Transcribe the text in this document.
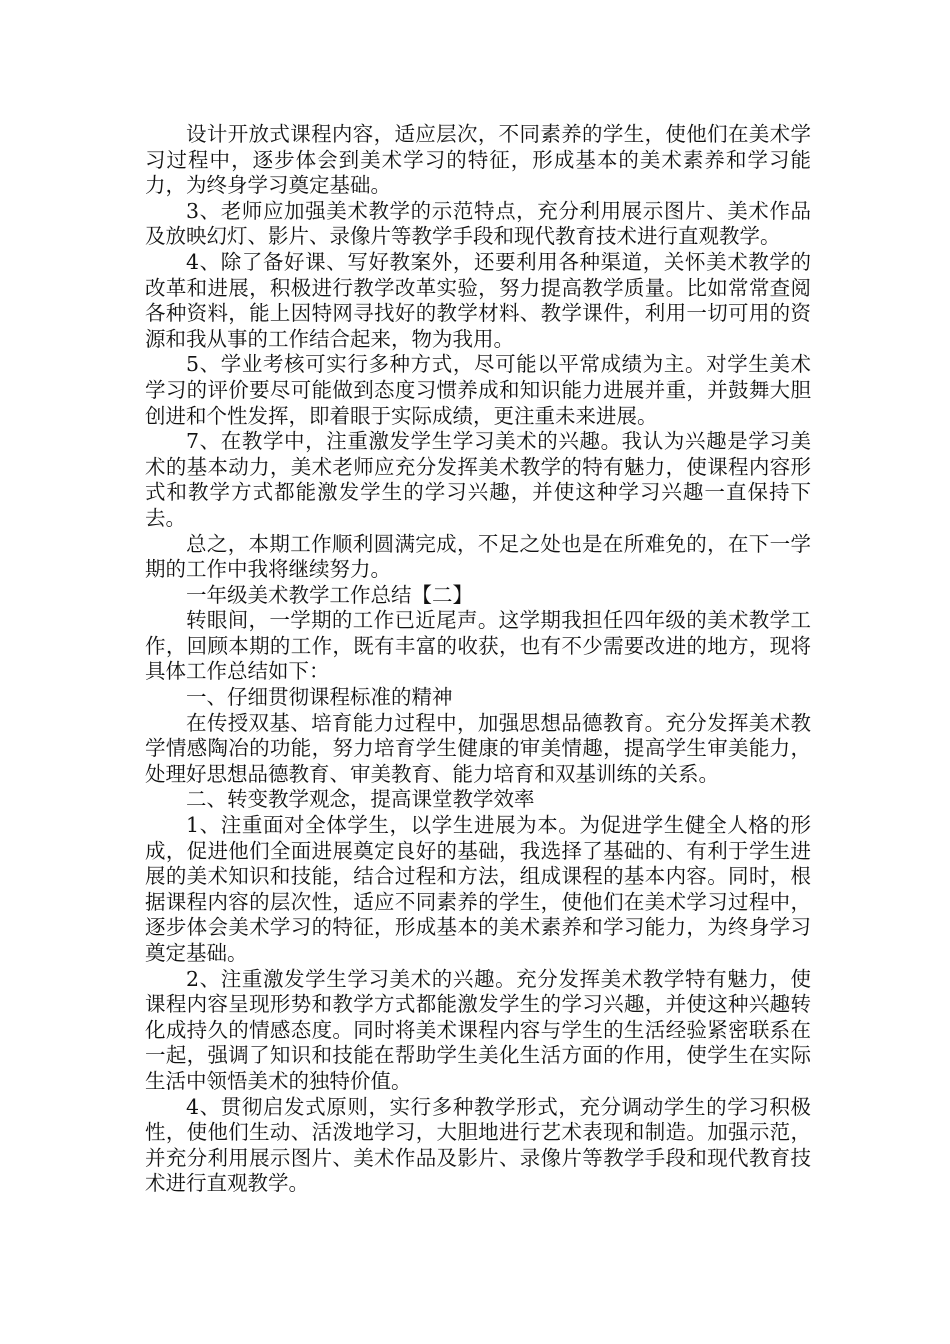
设计开放式课程内容，适应层次，不同素养的学生，使他们在美术学习过程中，逐步体会到美术学习的特征，形成基本的美术素养和学习能力，为终身学习奠定基础。

3、老师应加强美术教学的示范特点，充分利用展示图片、美术作品及放映幻灯、影片、录像片等教学手段和现代教育技术进行直观教学。

4、除了备好课、写好教案外，还要利用各种渠道，关怀美术教学的改革和进展，积极进行教学改革实验，努力提高教学质量。比如常常查阅各种资料，能上因特网寻找好的教学材料、教学课件，利用一切可用的资源和我从事的工作结合起来，物为我用。

5、学业考核可实行多种方式，尽可能以平常成绩为主。对学生美术学习的评价要尽可能做到态度习惯养成和知识能力进展并重，并鼓舞大胆创进和个性发挥，即着眼于实际成绩，更注重未来进展。

7、在教学中，注重激发学生学习美术的兴趣。我认为兴趣是学习美术的基本动力，美术老师应充分发挥美术教学的特有魅力，使课程内容形式和教学方式都能激发学生的学习兴趣，并使这种学习兴趣一直保持下去。

总之，本期工作顺利圆满完成，不足之处也是在所难免的，在下一学期的工作中我将继续努力。

一年级美术教学工作总结【二】

转眼间，一学期的工作已近尾声。这学期我担任四年级的美术教学工作，回顾本期的工作，既有丰富的收获，也有不少需要改进的地方，现将具体工作总结如下：

一、仔细贯彻课程标准的精神

在传授双基、培育能力过程中，加强思想品德教育。充分发挥美术教学情感陶冶的功能，努力培育学生健康的审美情趣，提高学生审美能力，处理好思想品德教育、审美教育、能力培育和双基训练的关系。

二、转变教学观念，提高课堂教学效率

1、注重面对全体学生，以学生进展为本。为促进学生健全人格的形成，促进他们全面进展奠定良好的基础，我选择了基础的、有利于学生进展的美术知识和技能，结合过程和方法，组成课程的基本内容。同时，根据课程内容的层次性，适应不同素养的学生，使他们在美术学习过程中，逐步体会美术学习的特征，形成基本的美术素养和学习能力，为终身学习奠定基础。

2、注重激发学生学习美术的兴趣。充分发挥美术教学特有魅力，使课程内容呈现形势和教学方式都能激发学生的学习兴趣，并使这种兴趣转化成持久的情感态度。同时将美术课程内容与学生的生活经验紧密联系在一起，强调了知识和技能在帮助学生美化生活方面的作用，使学生在实际生活中领悟美术的独特价值。

4、贯彻启发式原则，实行多种教学形式，充分调动学生的学习积极性，使他们生动、活泼地学习，大胆地进行艺术表现和制造。加强示范，并充分利用展示图片、美术作品及影片、录像片等教学手段和现代教育技术进行直观教学。
